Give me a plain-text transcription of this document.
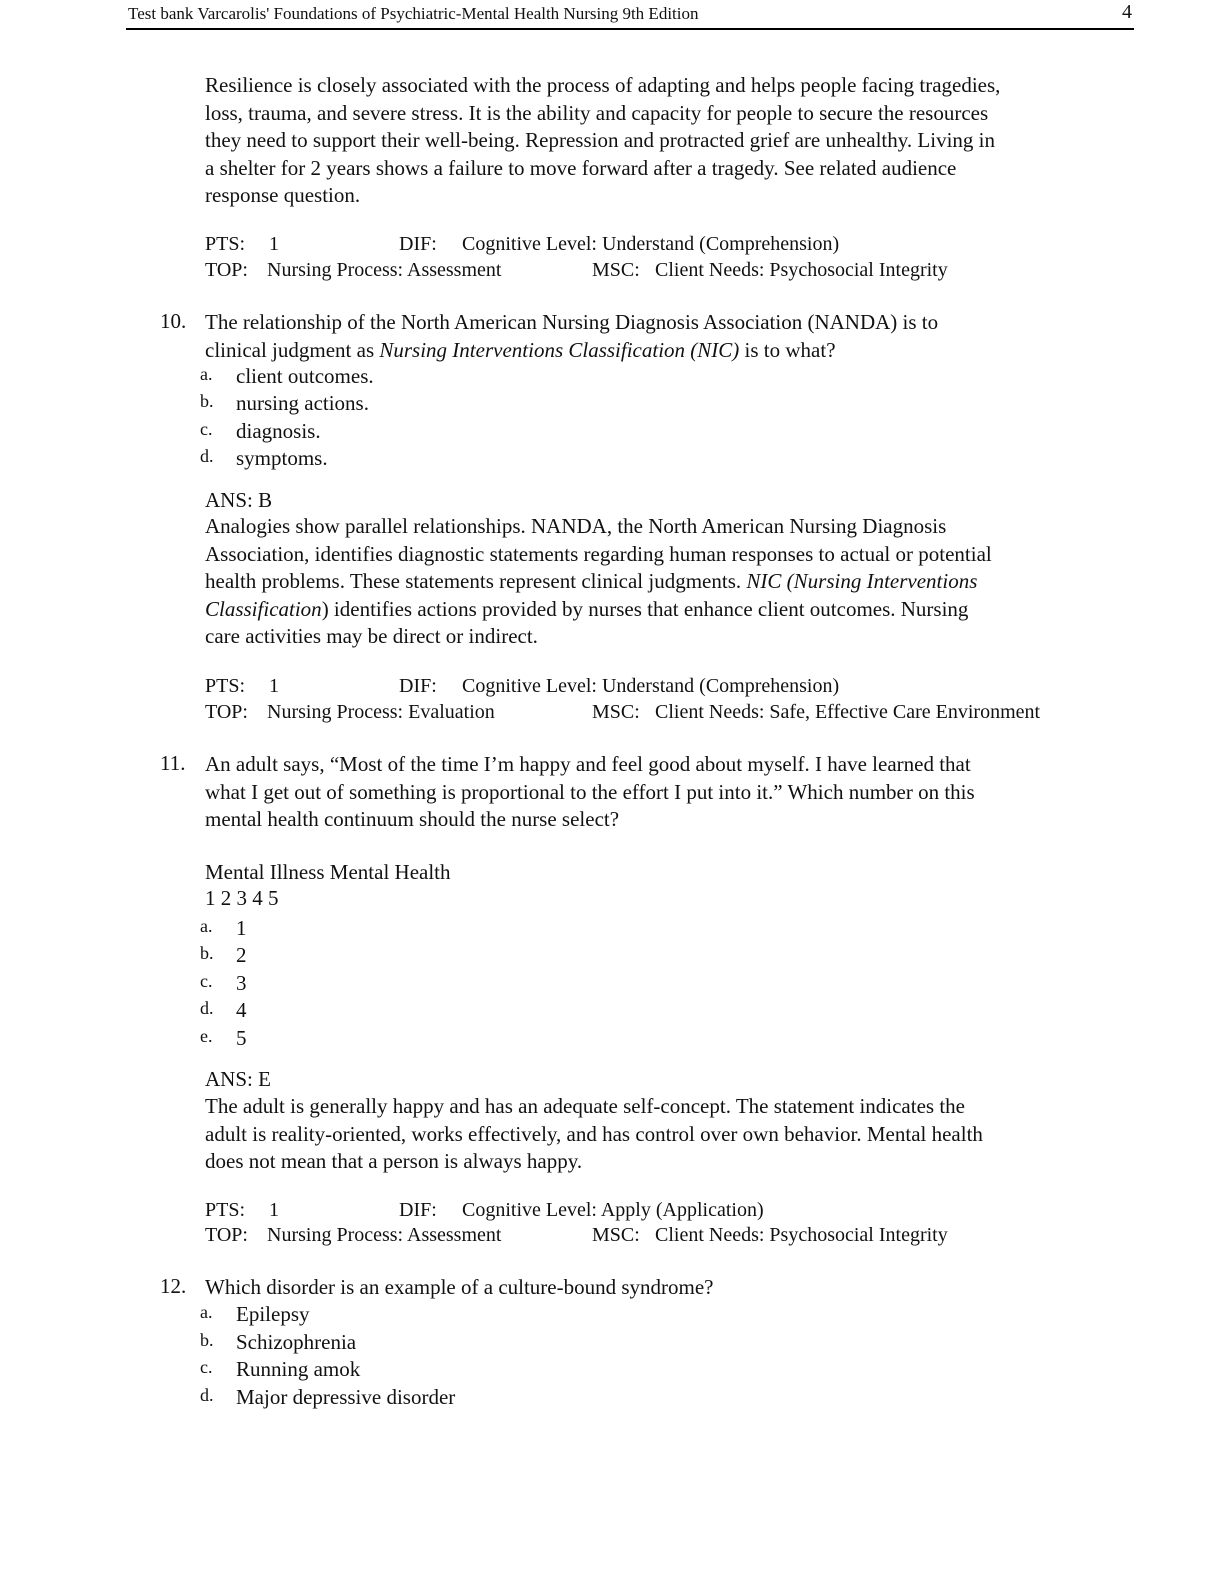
Test bank Varcarolis' Foundations of Psychiatric-Mental Health Nursing 9th Edition	4
Resilience is closely associated with the process of adapting and helps people facing tragedies,
loss, trauma, and severe stress. It is the ability and capacity for people to secure the resources
they need to support their well-being. Repression and protracted grief are unhealthy. Living in
a shelter for 2 years shows a failure to move forward after a tragedy. See related audience
response question.
PTS: 1	DIF: Cognitive Level: Understand (Comprehension)
TOP: Nursing Process: Assessment	MSC: Client Needs: Psychosocial Integrity
10. The relationship of the North American Nursing Diagnosis Association (NANDA) is to
clinical judgment as Nursing Interventions Classification (NIC) is to what?
a. client outcomes.
b. nursing actions.
c. diagnosis.
d. symptoms.
ANS: B
Analogies show parallel relationships. NANDA, the North American Nursing Diagnosis
Association, identifies diagnostic statements regarding human responses to actual or potential
health problems. These statements represent clinical judgments. NIC (Nursing Interventions
Classification) identifies actions provided by nurses that enhance client outcomes. Nursing
care activities may be direct or indirect.
PTS: 1	DIF: Cognitive Level: Understand (Comprehension)
TOP: Nursing Process: Evaluation	MSC: Client Needs: Safe, Effective Care Environment
11. An adult says, “Most of the time I’m happy and feel good about myself. I have learned that
what I get out of something is proportional to the effort I put into it.” Which number on this
mental health continuum should the nurse select?
Mental Illness Mental Health
1 2 3 4 5
a. 1
b. 2
c. 3
d. 4
e. 5
ANS: E
The adult is generally happy and has an adequate self-concept. The statement indicates the
adult is reality-oriented, works effectively, and has control over own behavior. Mental health
does not mean that a person is always happy.
PTS: 1	DIF: Cognitive Level: Apply (Application)
TOP: Nursing Process: Assessment	MSC: Client Needs: Psychosocial Integrity
12. Which disorder is an example of a culture-bound syndrome?
a. Epilepsy
b. Schizophrenia
c. Running amok
d. Major depressive disorder
